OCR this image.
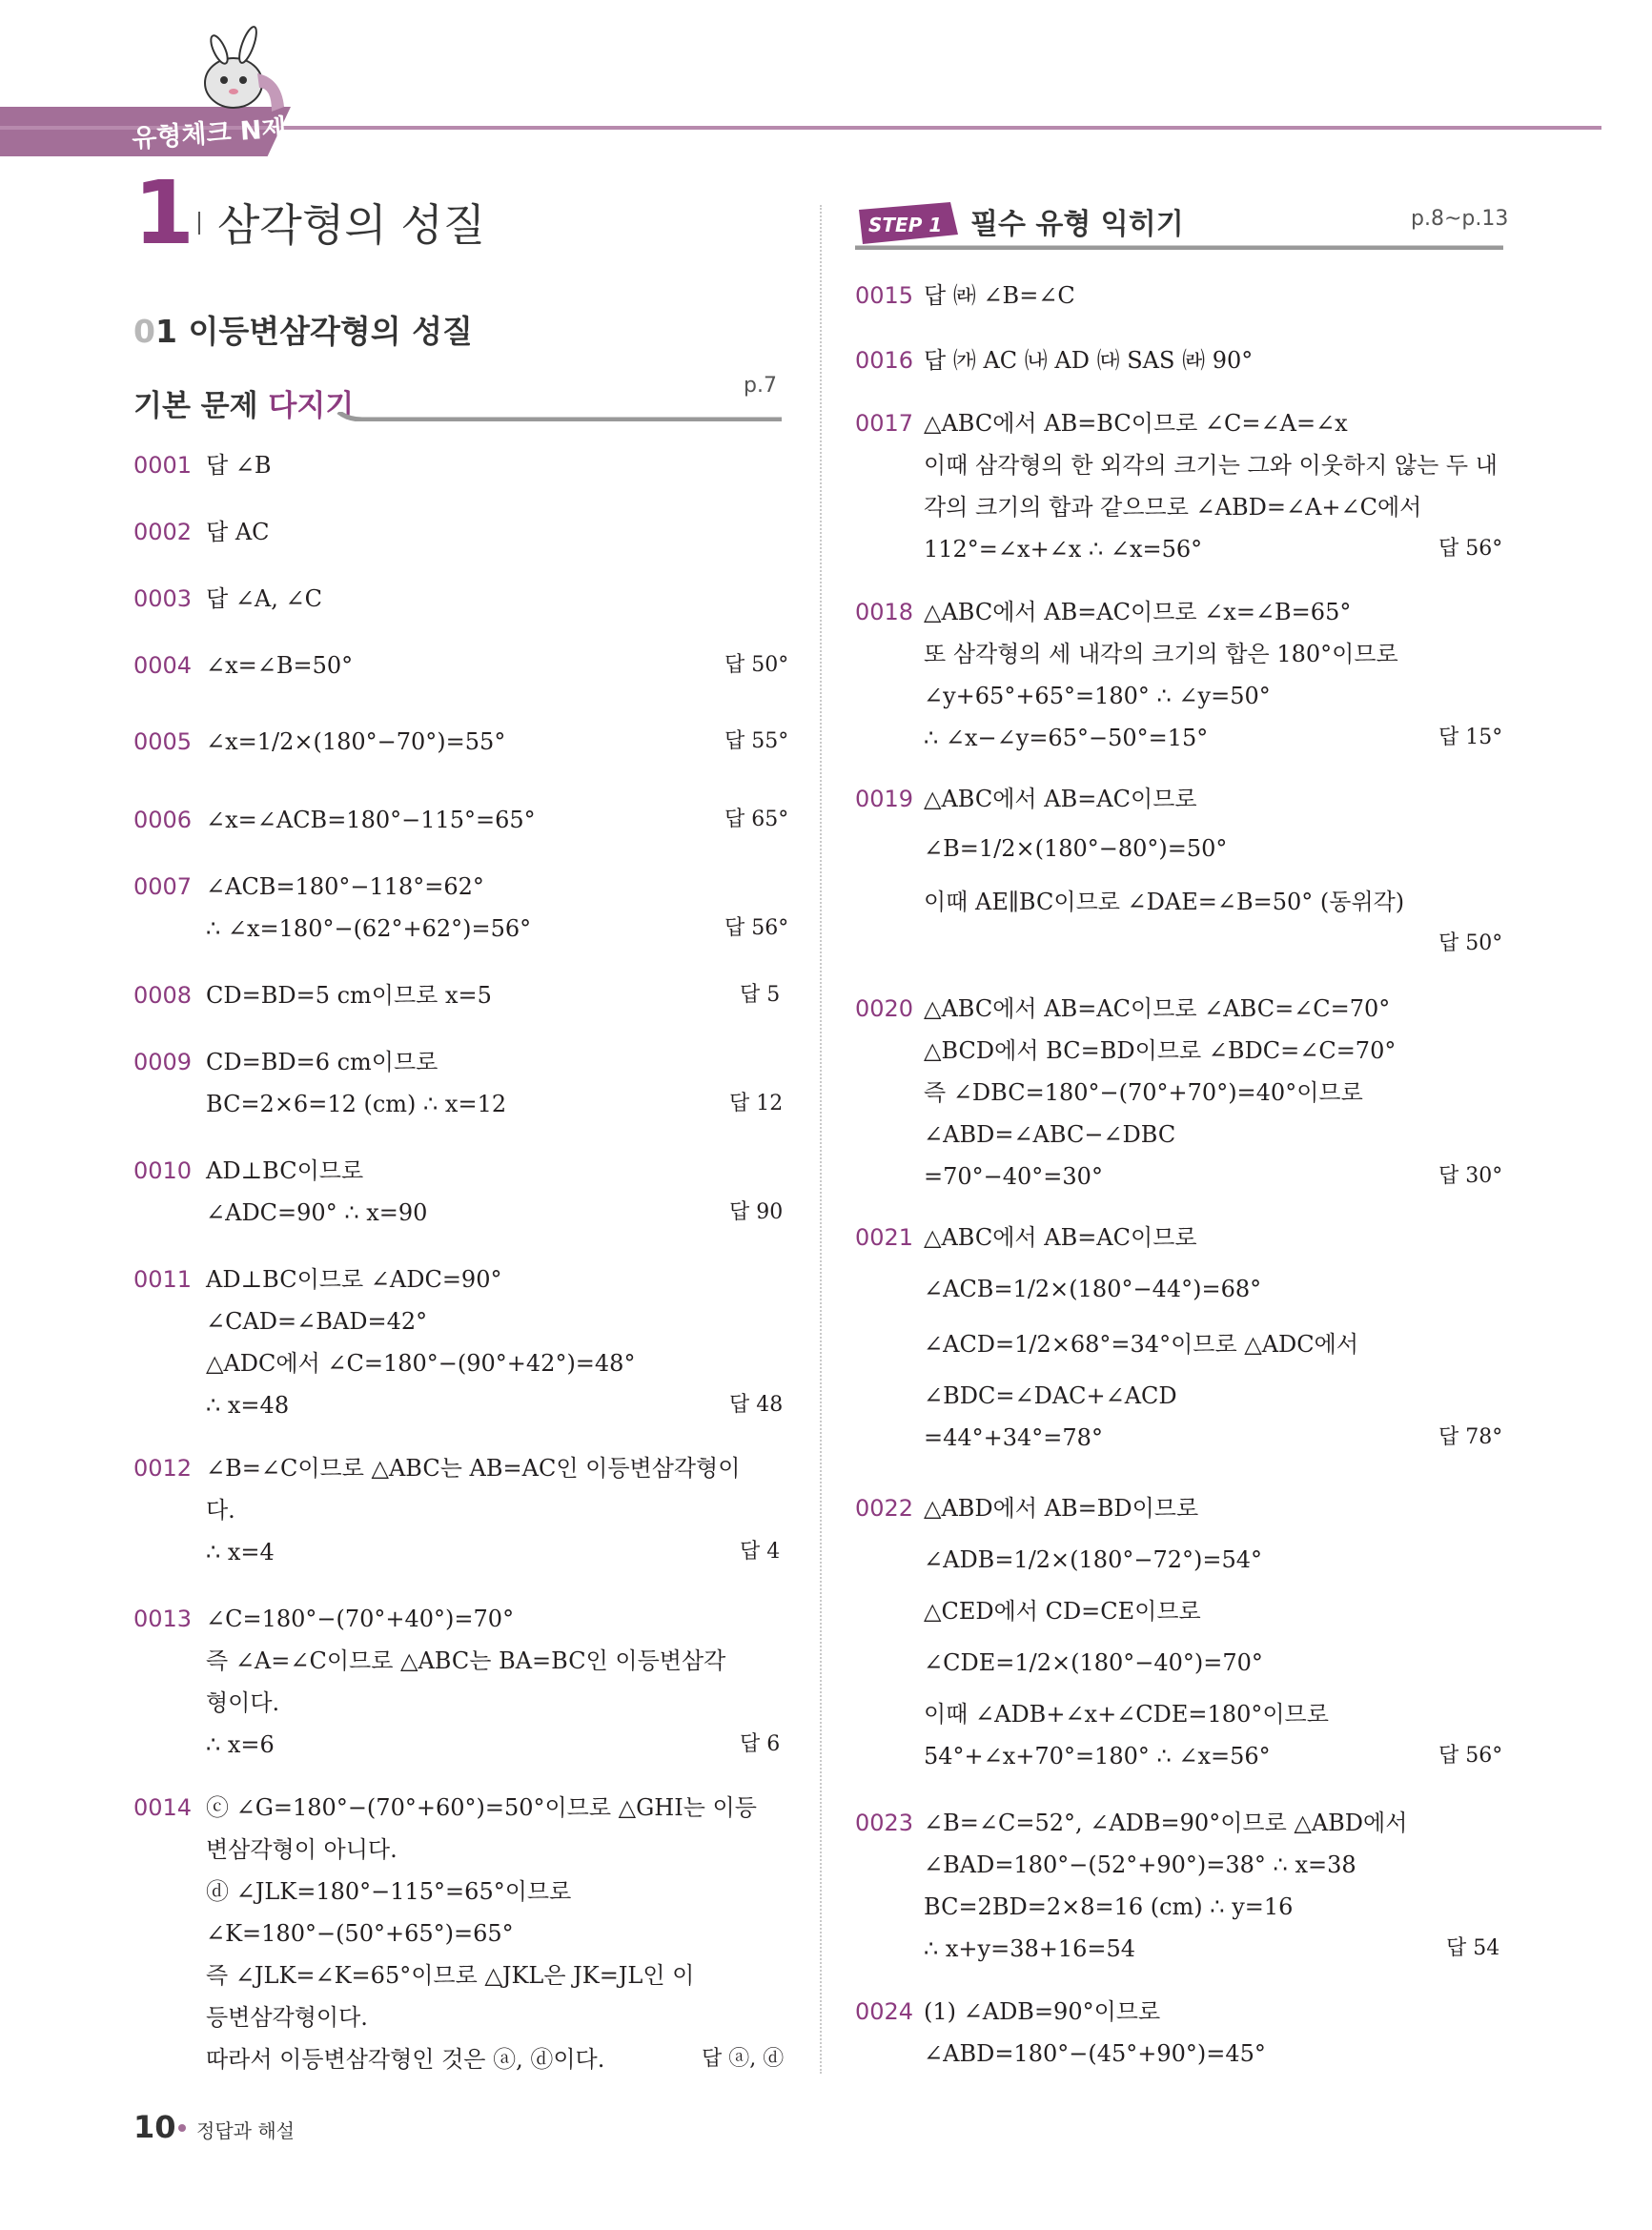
유형체크 N제
1 삼각형의 성질
01 이등변삼각형의 성질
기본 문제 다지기
p.7
STEP 1 필수 유형 익히기	p.8~p.13
0001 답 ∠B
0002 답 AC
0003 답 ∠A, ∠C
0004 ∠x=∠B=50°	답 50°
0005 ∠x=1/2×(180°−70°)=55°	답 55°
0006 ∠x=∠ACB=180°−115°=65°	답 65°
0007 ∠ACB=180°−118°=62°
∴ ∠x=180°−(62°+62°)=56°	답 56°
0008 CD=BD=5 cm이므로 x=5	답 5
0009 CD=BD=6 cm이므로
BC=2×6=12 (cm) ∴ x=12	답 12
0010 AD⊥BC이므로
∠ADC=90° ∴ x=90	답 90
0011 AD⊥BC이므로 ∠ADC=90°
∠CAD=∠BAD=42°
△ADC에서 ∠C=180°−(90°+42°)=48°
∴ x=48	답 48
0012 ∠B=∠C이므로 △ABC는 AB=AC인 이등변삼각형이
다.
∴ x=4	답 4
0013 ∠C=180°−(70°+40°)=70°
즉 ∠A=∠C이므로 △ABC는 BA=BC인 이등변삼각
형이다.
∴ x=6	답 6
0014 ⓒ ∠G=180°−(70°+60°)=50°이므로 △GHI는 이등
변삼각형이 아니다.
ⓓ ∠JLK=180°−115°=65°이므로
∠K=180°−(50°+65°)=65°
즉 ∠JLK=∠K=65°이므로 △JKL은 JK=JL인 이
등변삼각형이다.
따라서 이등변삼각형인 것은 ⓐ, ⓓ이다.	답 ⓐ, ⓓ
0015 답 ㈑ ∠B=∠C
0016 답 ㈎ AC ㈏ AD ㈐ SAS ㈑ 90°
0017 △ABC에서 AB=BC이므로 ∠C=∠A=∠x
이때 삼각형의 한 외각의 크기는 그와 이웃하지 않는 두 내
각의 크기의 합과 같으므로 ∠ABD=∠A+∠C에서
112°=∠x+∠x ∴ ∠x=56°	답 56°
0018 △ABC에서 AB=AC이므로 ∠x=∠B=65°
또 삼각형의 세 내각의 크기의 합은 180°이므로
∠y+65°+65°=180° ∴ ∠y=50°
∴ ∠x−∠y=65°−50°=15°	답 15°
0019 △ABC에서 AB=AC이므로
∠B=1/2×(180°−80°)=50°
이때 AE∥BC이므로 ∠DAE=∠B=50° (동위각)
답 50°
0020 △ABC에서 AB=AC이므로 ∠ABC=∠C=70°
△BCD에서 BC=BD이므로 ∠BDC=∠C=70°
즉 ∠DBC=180°−(70°+70°)=40°이므로
∠ABD=∠ABC−∠DBC
=70°−40°=30°	답 30°
0021 △ABC에서 AB=AC이므로
∠ACB=1/2×(180°−44°)=68°
∠ACD=1/2×68°=34°이므로 △ADC에서
∠BDC=∠DAC+∠ACD
=44°+34°=78°	답 78°
0022 △ABD에서 AB=BD이므로
∠ADB=1/2×(180°−72°)=54°
△CED에서 CD=CE이므로
∠CDE=1/2×(180°−40°)=70°
이때 ∠ADB+∠x+∠CDE=180°이므로
54°+∠x+70°=180° ∴ ∠x=56°	답 56°
0023 ∠B=∠C=52°, ∠ADB=90°이므로 △ABD에서
∠BAD=180°−(52°+90°)=38° ∴ x=38
BC=2BD=2×8=16 (cm) ∴ y=16
∴ x+y=38+16=54	답 54
0024 (1) ∠ADB=90°이므로
∠ABD=180°−(45°+90°)=45°
10 정답과 해설
